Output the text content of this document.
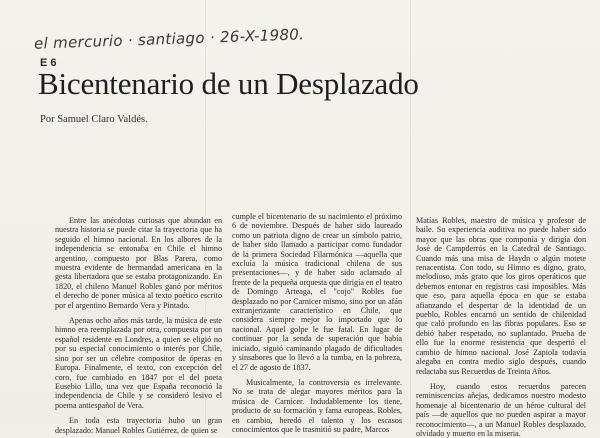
el mercurio · santiago · 26-X-1980.
E 6
Bicentenario de un Desplazado
Por Samuel Claro Valdés.

Entre las anécdotas curiosas que abundan en nuestra historia se puede citar la trayectoria que ha seguido el himno nacional. En los albores de la independencia se entonaba en Chile el himno argentino, compuesto por Blas Parera, como muestra evidente de hermandad americana en la gesta libertadora que se estaba protagonizando. En 1820, el chileno Manuel Robles ganó por méritos el derecho de poner música al texto poético escrito por el argentino Bernardo Vera y Pintado.

Apenas ocho años más tarde, la música de este himno era reemplazada por otra, compuesta por un español residente en Londres, a quien se eligió no por su especial conocimiento o interés por Chile, sino por ser un célebre compositor de óperas en Europa. Finalmente, el texto, con excepción del coro, fue cambiado en 1847 por el del poeta Eusebio Lillo, una vez que España reconoció la independencia de Chile y se consideró lesivo el poema antiespañol de Vera.

En toda esta trayectoria hubo un gran desplazado: Manuel Robles Gutiérrez, de quien se

cumple el bicentenario de su nacimiento el próximo 6 de noviembre. Después de haber sido laureado como un patriota digno de crear un símbolo patrio, de haber sido llamado a participar como fundador de la primera Sociedad Filarmónica —aquella que excluía la música tradicional chilena de sus presentaciones—, y de haber sido aclamado al frente de la pequeña orquesta que dirigía en el teatro de Domingo Arteaga, el "cojo" Robles fue desplazado no por Carnicer mismo, sino por un afán extranjerizante característico en Chile, que considera siempre mejor lo importado que lo nacional. Aquel golpe le fue fatal. En lugar de continuar por la senda de superación que había iniciado, siguió caminando plagado de dificultades y sinsabores que lo llevó a la tumba, en la pobreza, el 27 de agosto de 1837.

Musicalmente, la controversia es irrelevante. No se trata de alegar mayores méritos para la música de Carnicer. Indudablemente los tiene, producto de su formación y fama europeas. Robles, en cambio, heredó el talento y los escasos conocimientos que le trasmitió su padre, Marcos

Matías Robles, maestro de música y profesor de baile. Su experiencia auditiva no puede haber sido mayor que las obras que componía y dirigía don José de Campderrós en la Catedral de Santiago. Cuando más una misa de Haydn o algún motete renacentista. Con todo, su Himno es digno, grato, melodioso, más grato que los giros operáticos que debemos entonar en registros casi imposibles. Más que eso, para aquella época en que se estaba afianzando el despertar de la identidad de un pueblo, Robles encarnó un sentido de chilenidad que caló profundo en las fibras populares. Eso se debió haber respetado, no suplantado. Prueba de ello fue la enorme resistencia que despertó el cambio de himno nacional. José Zapiola todavía alegaba en contra medio siglo después, cuando redactaba sus Recuerdos de Treinta Años.

Hoy, cuando estos recuerdos parecen reminiscencias añejas, dedicamos nuestro modesto homenaje al bicentenario de un héroe cultural del país —de aquellos que no pueden aspirar a mayor reconocimiento—, a un Manuel Robles desplazado, olvidado y muerto en la miseria.
